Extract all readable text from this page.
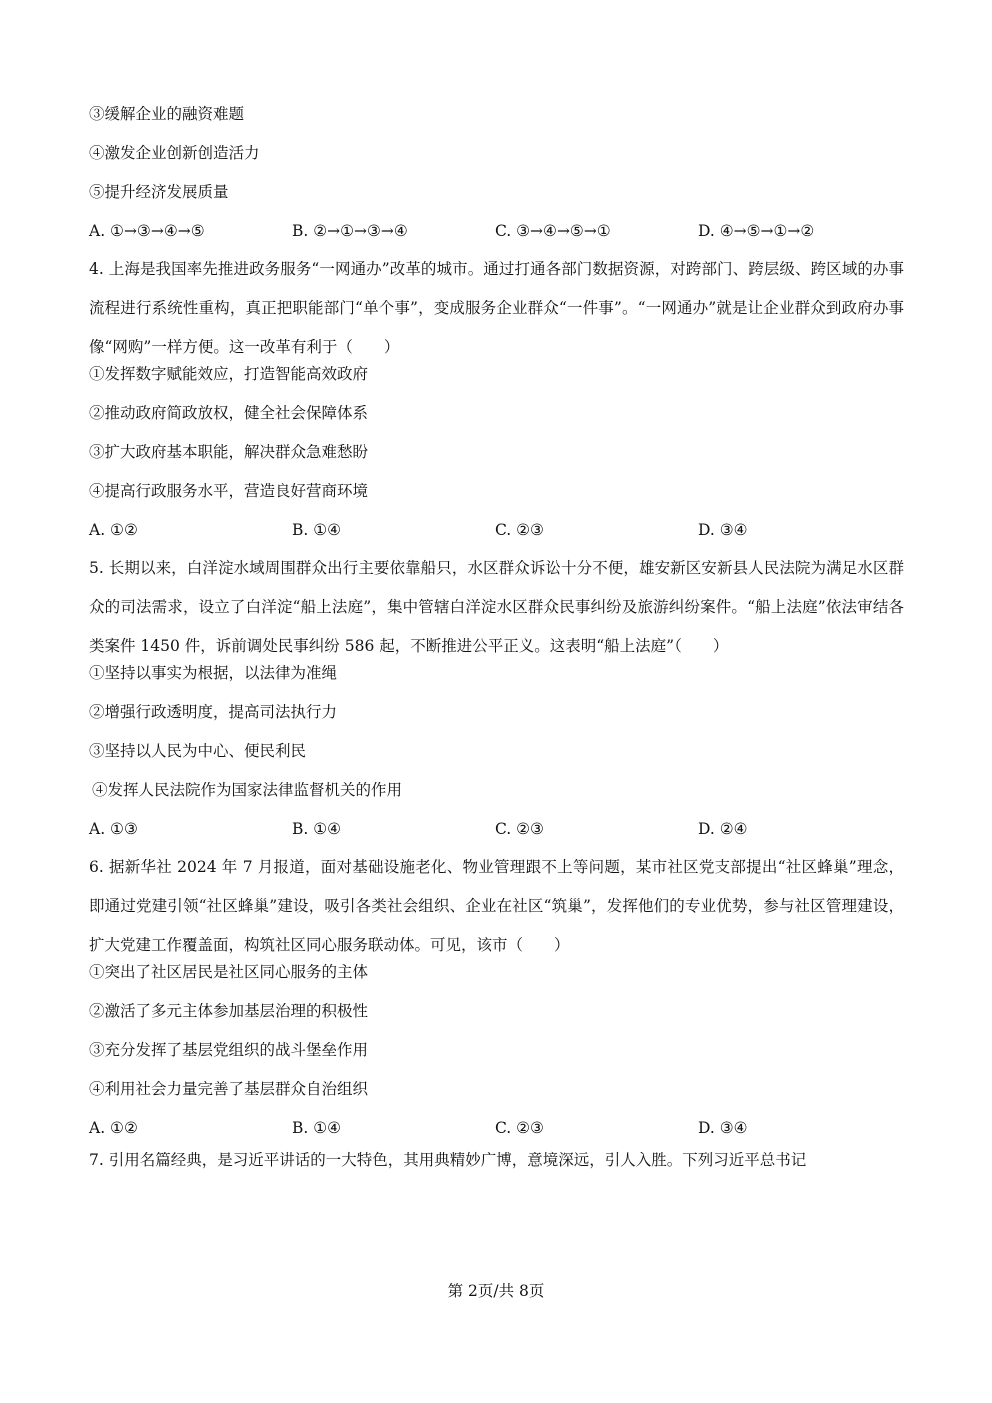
③缓解企业的融资难题
④激发企业创新创造活力
⑤提升经济发展质量
A. ①→③→④→⑤	B. ②→①→③→④	C. ③→④→⑤→①	D. ④→⑤→①→②
4. 上海是我国率先推进政务服务“一网通办”改革的城市。通过打通各部门数据资源，对跨部门、跨层级、跨区域的办事流程进行系统性重构，真正把职能部门“单个事”，变成服务企业群众“一件事”。“一网通办”就是让企业群众到政府办事像“网购”一样方便。这一改革有利于（　　）
①发挥数字赋能效应，打造智能高效政府
②推动政府简政放权，健全社会保障体系
③扩大政府基本职能，解决群众急难愁盼
④提高行政服务水平，营造良好营商环境
A. ①②	B. ①④	C. ②③	D. ③④
5. 长期以来，白洋淀水域周围群众出行主要依靠船只，水区群众诉讼十分不便，雄安新区安新县人民法院为满足水区群众的司法需求，设立了白洋淀“船上法庭”，集中管辖白洋淀水区群众民事纠纷及旅游纠纷案件。“船上法庭”依法审结各类案件 1450 件，诉前调处民事纠纷 586 起，不断推进公平正义。这表明“船上法庭”（　　）
①坚持以事实为根据，以法律为准绳
②增强行政透明度，提高司法执行力
③坚持以人民为中心、便民利民
④发挥人民法院作为国家法律监督机关的作用
A. ①③	B. ①④	C. ②③	D. ②④
6. 据新华社 2024 年 7 月报道，面对基础设施老化、物业管理跟不上等问题，某市社区党支部提出“社区蜂巢”理念，即通过党建引领“社区蜂巢”建设，吸引各类社会组织、企业在社区“筑巢”，发挥他们的专业优势，参与社区管理建设，扩大党建工作覆盖面，构筑社区同心服务联动体。可见，该市（　　）
①突出了社区居民是社区同心服务的主体
②激活了多元主体参加基层治理的积极性
③充分发挥了基层党组织的战斗堡垒作用
④利用社会力量完善了基层群众自治组织
A. ①②	B. ①④	C. ②③	D. ③④
7. 引用名篇经典，是习近平讲话的一大特色，其用典精妙广博，意境深远，引人入胜。下列习近平总书记
第 2页/共 8页
